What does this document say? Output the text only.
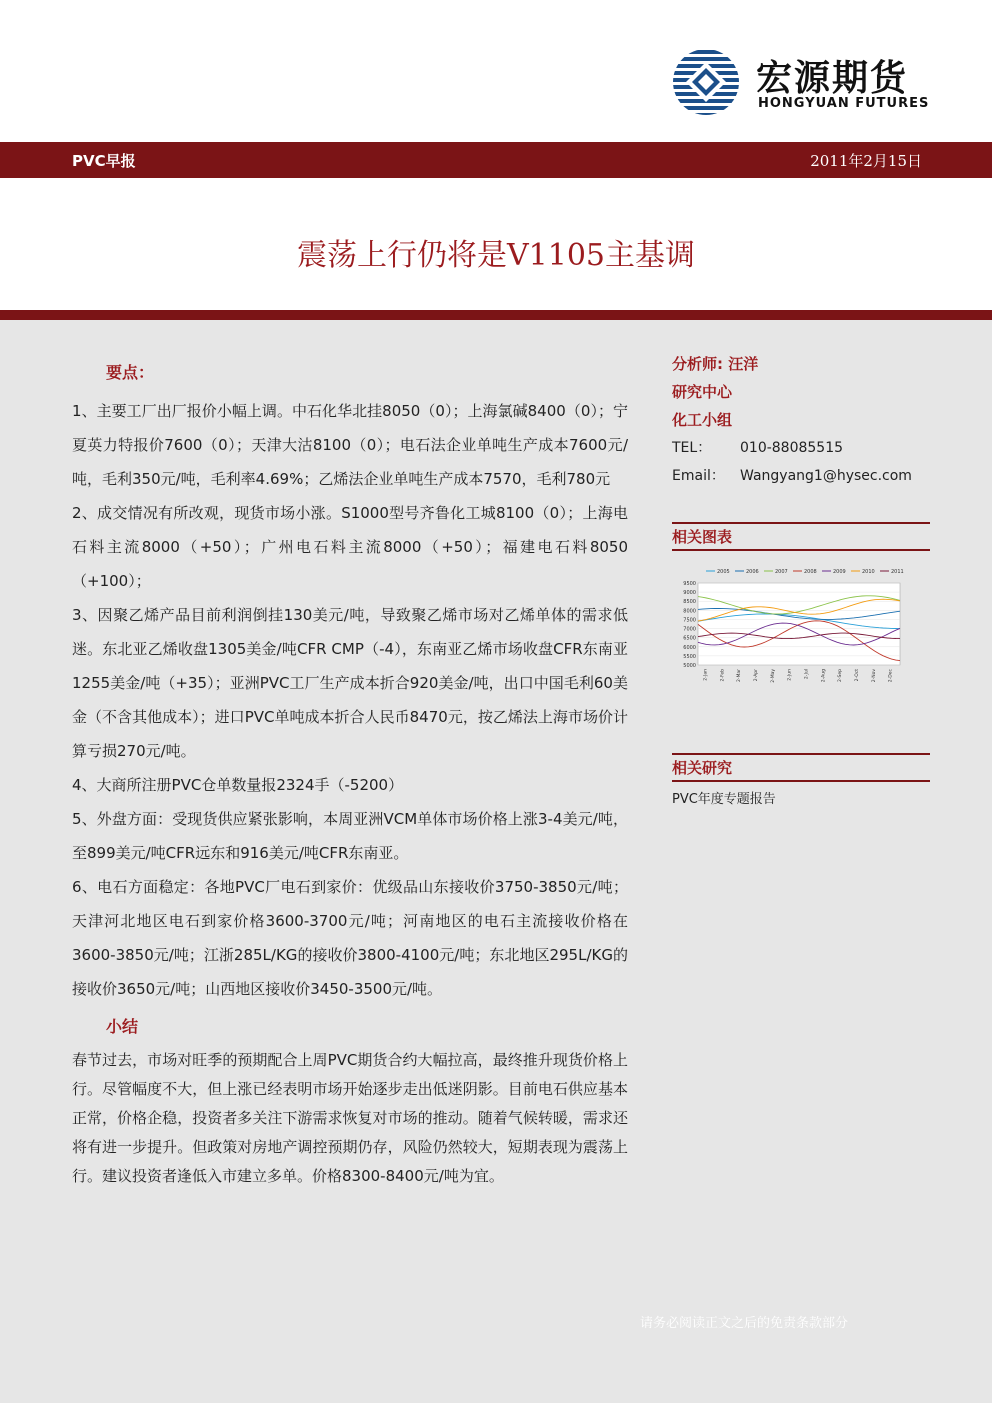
宏源期货
HONGYUAN FUTURES
PVC早报	2011年2月15日
震荡上行仍将是V1105主基调
要点：
1、主要工厂出厂报价小幅上调。中石化华北挂8050（0）；上海氯碱8400（0）；宁夏英力特报价7600（0）；天津大沽8100（0）；电石法企业单吨生产成本7600元/吨，毛利350元/吨，毛利率4.69%；乙烯法企业单吨生产成本7570，毛利780元
2、成交情况有所改观，现货市场小涨。S1000型号齐鲁化工城8100（0）；上海电石料主流8000（+50）；广州电石料主流8000（+50）；福建电石料8050（+100）；
3、因聚乙烯产品目前利润倒挂130美元/吨，导致聚乙烯市场对乙烯单体的需求低迷。东北亚乙烯收盘1305美金/吨CFR CMP（-4），东南亚乙烯市场收盘CFR东南亚1255美金/吨（+35）；亚洲PVC工厂生产成本折合920美金/吨，出口中国毛利60美金（不含其他成本）；进口PVC单吨成本折合人民币8470元，按乙烯法上海市场价计算亏损270元/吨。
4、大商所注册PVC仓单数量报2324手（-5200）
5、外盘方面：受现货供应紧张影响，本周亚洲VCM单体市场价格上涨3-4美元/吨，至899美元/吨CFR远东和916美元/吨CFR东南亚。
6、电石方面稳定：各地PVC厂电石到家价：优级品山东接收价3750-3850元/吨；天津河北地区电石到家价格3600-3700元/吨；河南地区的电石主流接收价格在3600-3850元/吨；江浙285L/KG的接收价3800-4100元/吨；东北地区295L/KG的接收价3650元/吨；山西地区接收价3450-3500元/吨。
小结
春节过去，市场对旺季的预期配合上周PVC期货合约大幅拉高，最终推升现货价格上行。尽管幅度不大，但上涨已经表明市场开始逐步走出低迷阴影。目前电石供应基本正常，价格企稳，投资者多关注下游需求恢复对市场的推动。随着气候转暖，需求还将有进一步提升。但政策对房地产调控预期仍存，风险仍然较大，短期表现为震荡上行。建议投资者逢低入市建立多单。价格8300-8400元/吨为宜。
分析师: 汪洋
研究中心
化工小组
TEL： 010-88085515
Email： Wangyang1@hysec.com
相关图表
5000
5500
6000
6500
7000
7500
8000
8500
9000
9500
2-Jan	2-Feb	2-Mar	2-Apr	2-May	2-Jun	2-Jul	2-Aug	2-Sep	2-Oct	2-Nov	2-Dec
2005	2006	2007	2008	2009	2010	2011
相关研究
PVC年度专题报告
请务必阅读正文之后的免责条款部分
